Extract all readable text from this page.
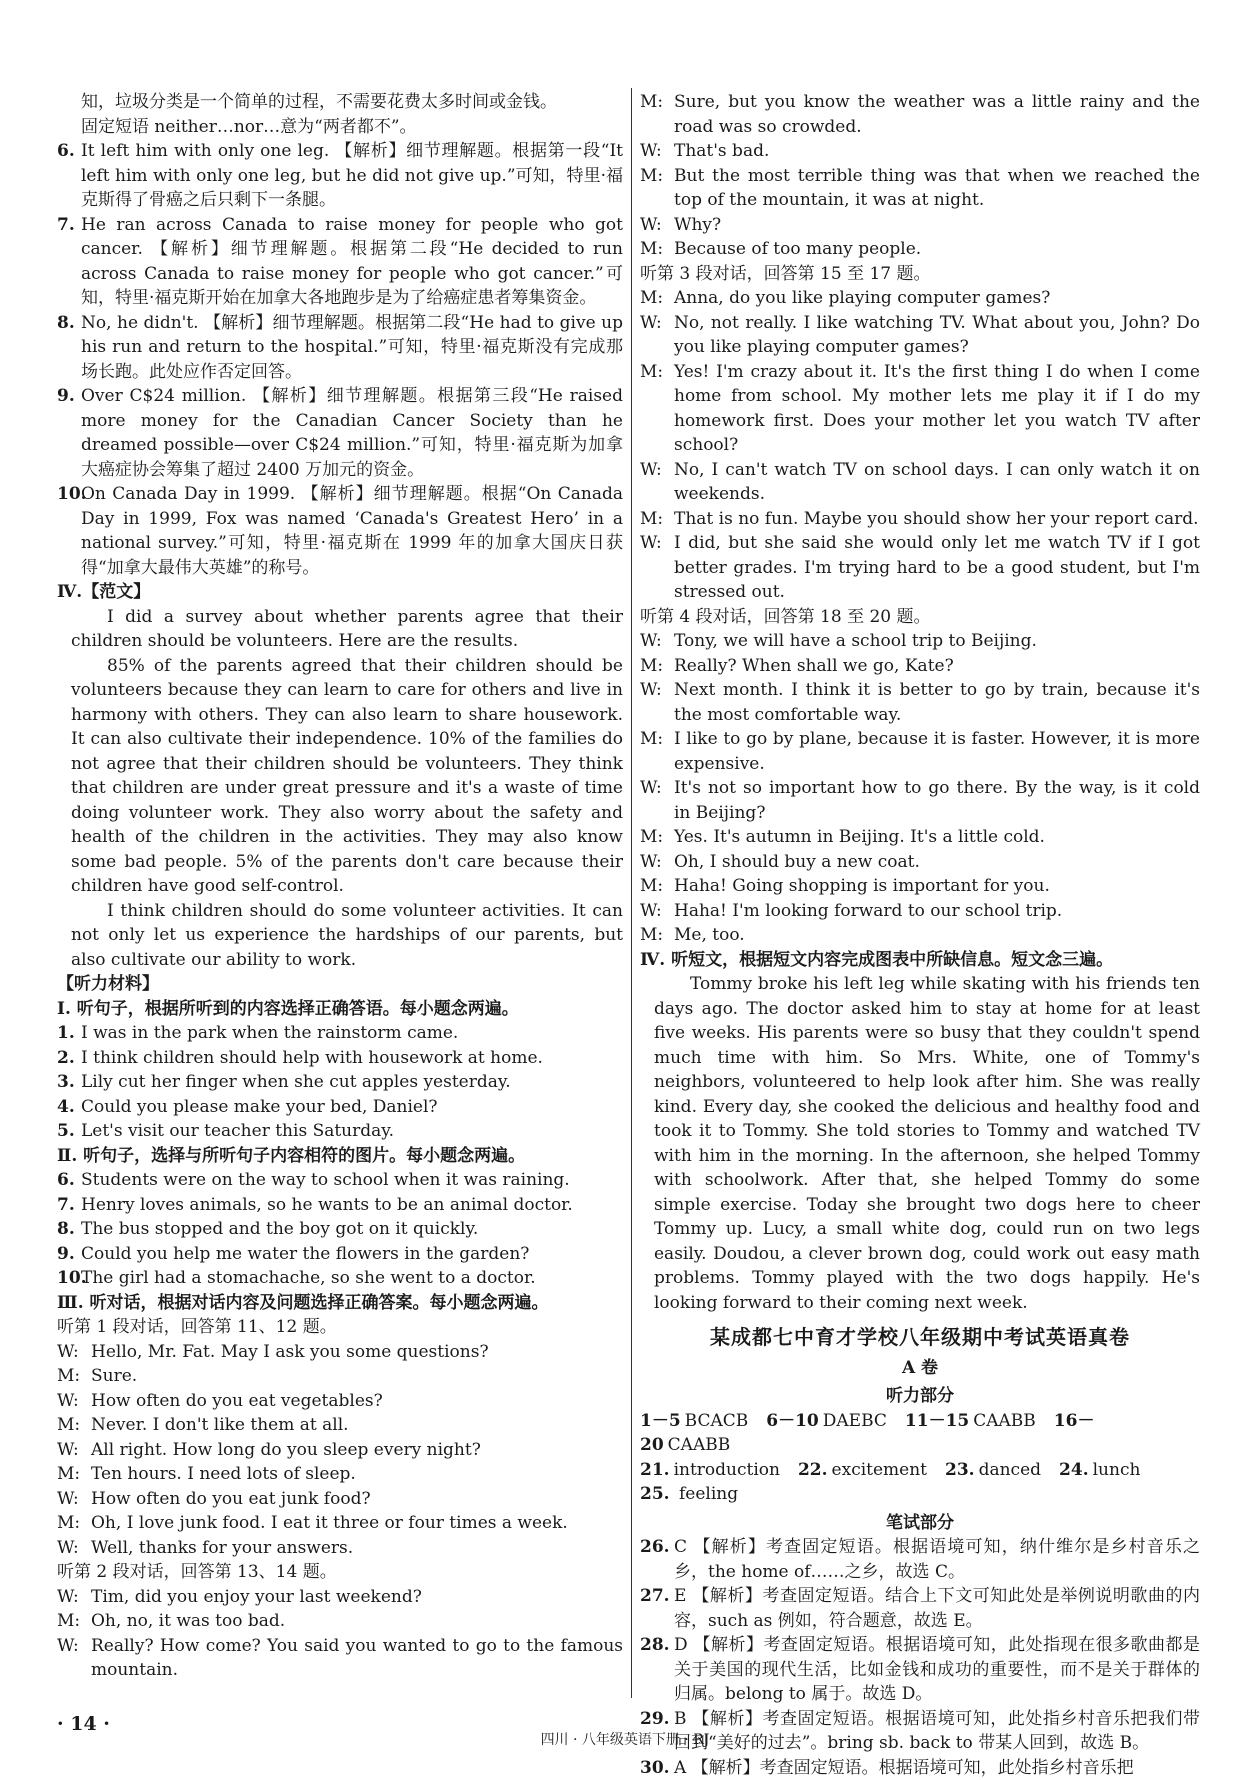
知，垃圾分类是一个简单的过程，不需要花费太多时间或金钱。

固定短语 neither…nor…意为“两者都不”。

6. It left him with only one leg. 【解析】细节理解题。根据第一段“It left him with only one leg, but he did not give up.”可知，特里·福克斯得了骨癌之后只剩下一条腿。

7. He ran across Canada to raise money for people who got cancer. 【解析】细节理解题。根据第二段“He decided to run across Canada to raise money for people who got cancer.”可知，特里·福克斯开始在加拿大各地跑步是为了给癌症患者筹集资金。

8. No, he didn't. 【解析】细节理解题。根据第二段“He had to give up his run and return to the hospital.”可知，特里·福克斯没有完成那场长跑。此处应作否定回答。

9. Over C$24 million. 【解析】细节理解题。根据第三段“He raised more money for the Canadian Cancer Society than he dreamed possible—over C$24 million.”可知，特里·福克斯为加拿大癌症协会筹集了超过 2400 万加元的资金。

10.On Canada Day in 1999. 【解析】细节理解题。根据“On Canada Day in 1999, Fox was named ‘Canada's Greatest Hero’ in a national survey.”可知，特里·福克斯在 1999 年的加拿大国庆日获得“加拿大最伟大英雄”的称号。

Ⅳ.【范文】

I did a survey about whether parents agree that their children should be volunteers. Here are the results.

85% of the parents agreed that their children should be volunteers because they can learn to care for others and live in harmony with others. They can also learn to share housework. It can also cultivate their independence. 10% of the families do not agree that their children should be volunteers. They think that children are under great pressure and it's a waste of time doing volunteer work. They also worry about the safety and health of the children in the activities. They may also know some bad people. 5% of the parents don't care because their children have good self-control.

I think children should do some volunteer activities. It can not only let us experience the hardships of our parents, but also cultivate our ability to work.

【听力材料】

Ⅰ. 听句子，根据所听到的内容选择正确答语。每小题念两遍。

1. I was in the park when the rainstorm came.

2. I think children should help with housework at home.

3. Lily cut her finger when she cut apples yesterday.

4. Could you please make your bed, Daniel?

5. Let's visit our teacher this Saturday.

Ⅱ. 听句子，选择与所听句子内容相符的图片。每小题念两遍。

6. Students were on the way to school when it was raining.

7. Henry loves animals, so he wants to be an animal doctor.

8. The bus stopped and the boy got on it quickly.

9. Could you help me water the flowers in the garden?

10.The girl had a stomachache, so she went to a doctor.

Ⅲ. 听对话，根据对话内容及问题选择正确答案。每小题念两遍。

听第 1 段对话，回答第 11、12 题。

W: Hello, Mr. Fat. May I ask you some questions?

M: Sure.

W: How often do you eat vegetables?

M: Never. I don't like them at all.

W: All right. How long do you sleep every night?

M: Ten hours. I need lots of sleep.

W: How often do you eat junk food?

M: Oh, I love junk food. I eat it three or four times a week.

W: Well, thanks for your answers.

听第 2 段对话，回答第 13、14 题。

W: Tim, did you enjoy your last weekend?

M: Oh, no, it was too bad.

W: Really? How come? You said you wanted to go to the famous mountain.

M: Sure, but you know the weather was a little rainy and the road was so crowded.

W: That's bad.

M: But the most terrible thing was that when we reached the top of the mountain, it was at night.

W: Why?

M: Because of too many people.

听第 3 段对话，回答第 15 至 17 题。

M: Anna, do you like playing computer games?

W: No, not really. I like watching TV. What about you, John? Do you like playing computer games?

M: Yes! I'm crazy about it. It's the first thing I do when I come home from school. My mother lets me play it if I do my homework first. Does your mother let you watch TV after school?

W: No, I can't watch TV on school days. I can only watch it on weekends.

M: That is no fun. Maybe you should show her your report card.

W: I did, but she said she would only let me watch TV if I got better grades. I'm trying hard to be a good student, but I'm stressed out.

听第 4 段对话，回答第 18 至 20 题。

W: Tony, we will have a school trip to Beijing.

M: Really? When shall we go, Kate?

W: Next month. I think it is better to go by train, because it's the most comfortable way.

M: I like to go by plane, because it is faster. However, it is more expensive.

W: It's not so important how to go there. By the way, is it cold in Beijing?

M: Yes. It's autumn in Beijing. It's a little cold.

W: Oh, I should buy a new coat.

M: Haha! Going shopping is important for you.

W: Haha! I'm looking forward to our school trip.

M: Me, too.

Ⅳ. 听短文，根据短文内容完成图表中所缺信息。短文念三遍。

Tommy broke his left leg while skating with his friends ten days ago. The doctor asked him to stay at home for at least five weeks. His parents were so busy that they couldn't spend much time with him. So Mrs. White, one of Tommy's neighbors, volunteered to help look after him. She was really kind. Every day, she cooked the delicious and healthy food and took it to Tommy. She told stories to Tommy and watched TV with him in the morning. In the afternoon, she helped Tommy with schoolwork. After that, she helped Tommy do some simple exercise. Today she brought two dogs here to cheer Tommy up. Lucy, a small white dog, could run on two legs easily. Doudou, a clever brown dog, could work out easy math problems. Tommy played with the two dogs happily. He's looking forward to their coming next week.

某成都七中育才学校八年级期中考试英语真卷
A 卷
听力部分

1－5 BCACB 6－10 DAEBC 11－15 CAABB 16－20 CAABB

21. introduction 22. excitement 23. danced 24. lunch

25. feeling

笔试部分

26. C 【解析】考查固定短语。根据语境可知，纳什维尔是乡村音乐之乡，the home of……之乡，故选 C。

27. E 【解析】考查固定短语。结合上下文可知此处是举例说明歌曲的内容，such as 例如，符合题意，故选 E。

28. D 【解析】考查固定短语。根据语境可知，此处指现在很多歌曲都是关于美国的现代生活，比如金钱和成功的重要性，而不是关于群体的归属。belong to 属于。故选 D。

29. B 【解析】考查固定短语。根据语境可知，此处指乡村音乐把我们带回到“美好的过去”。bring sb. back to 带某人回到，故选 B。

30. A 【解析】考查固定短语。根据语境可知，此处指乡村音乐把

· 14 ·
四川 · 八年级英语下册 · RJ
